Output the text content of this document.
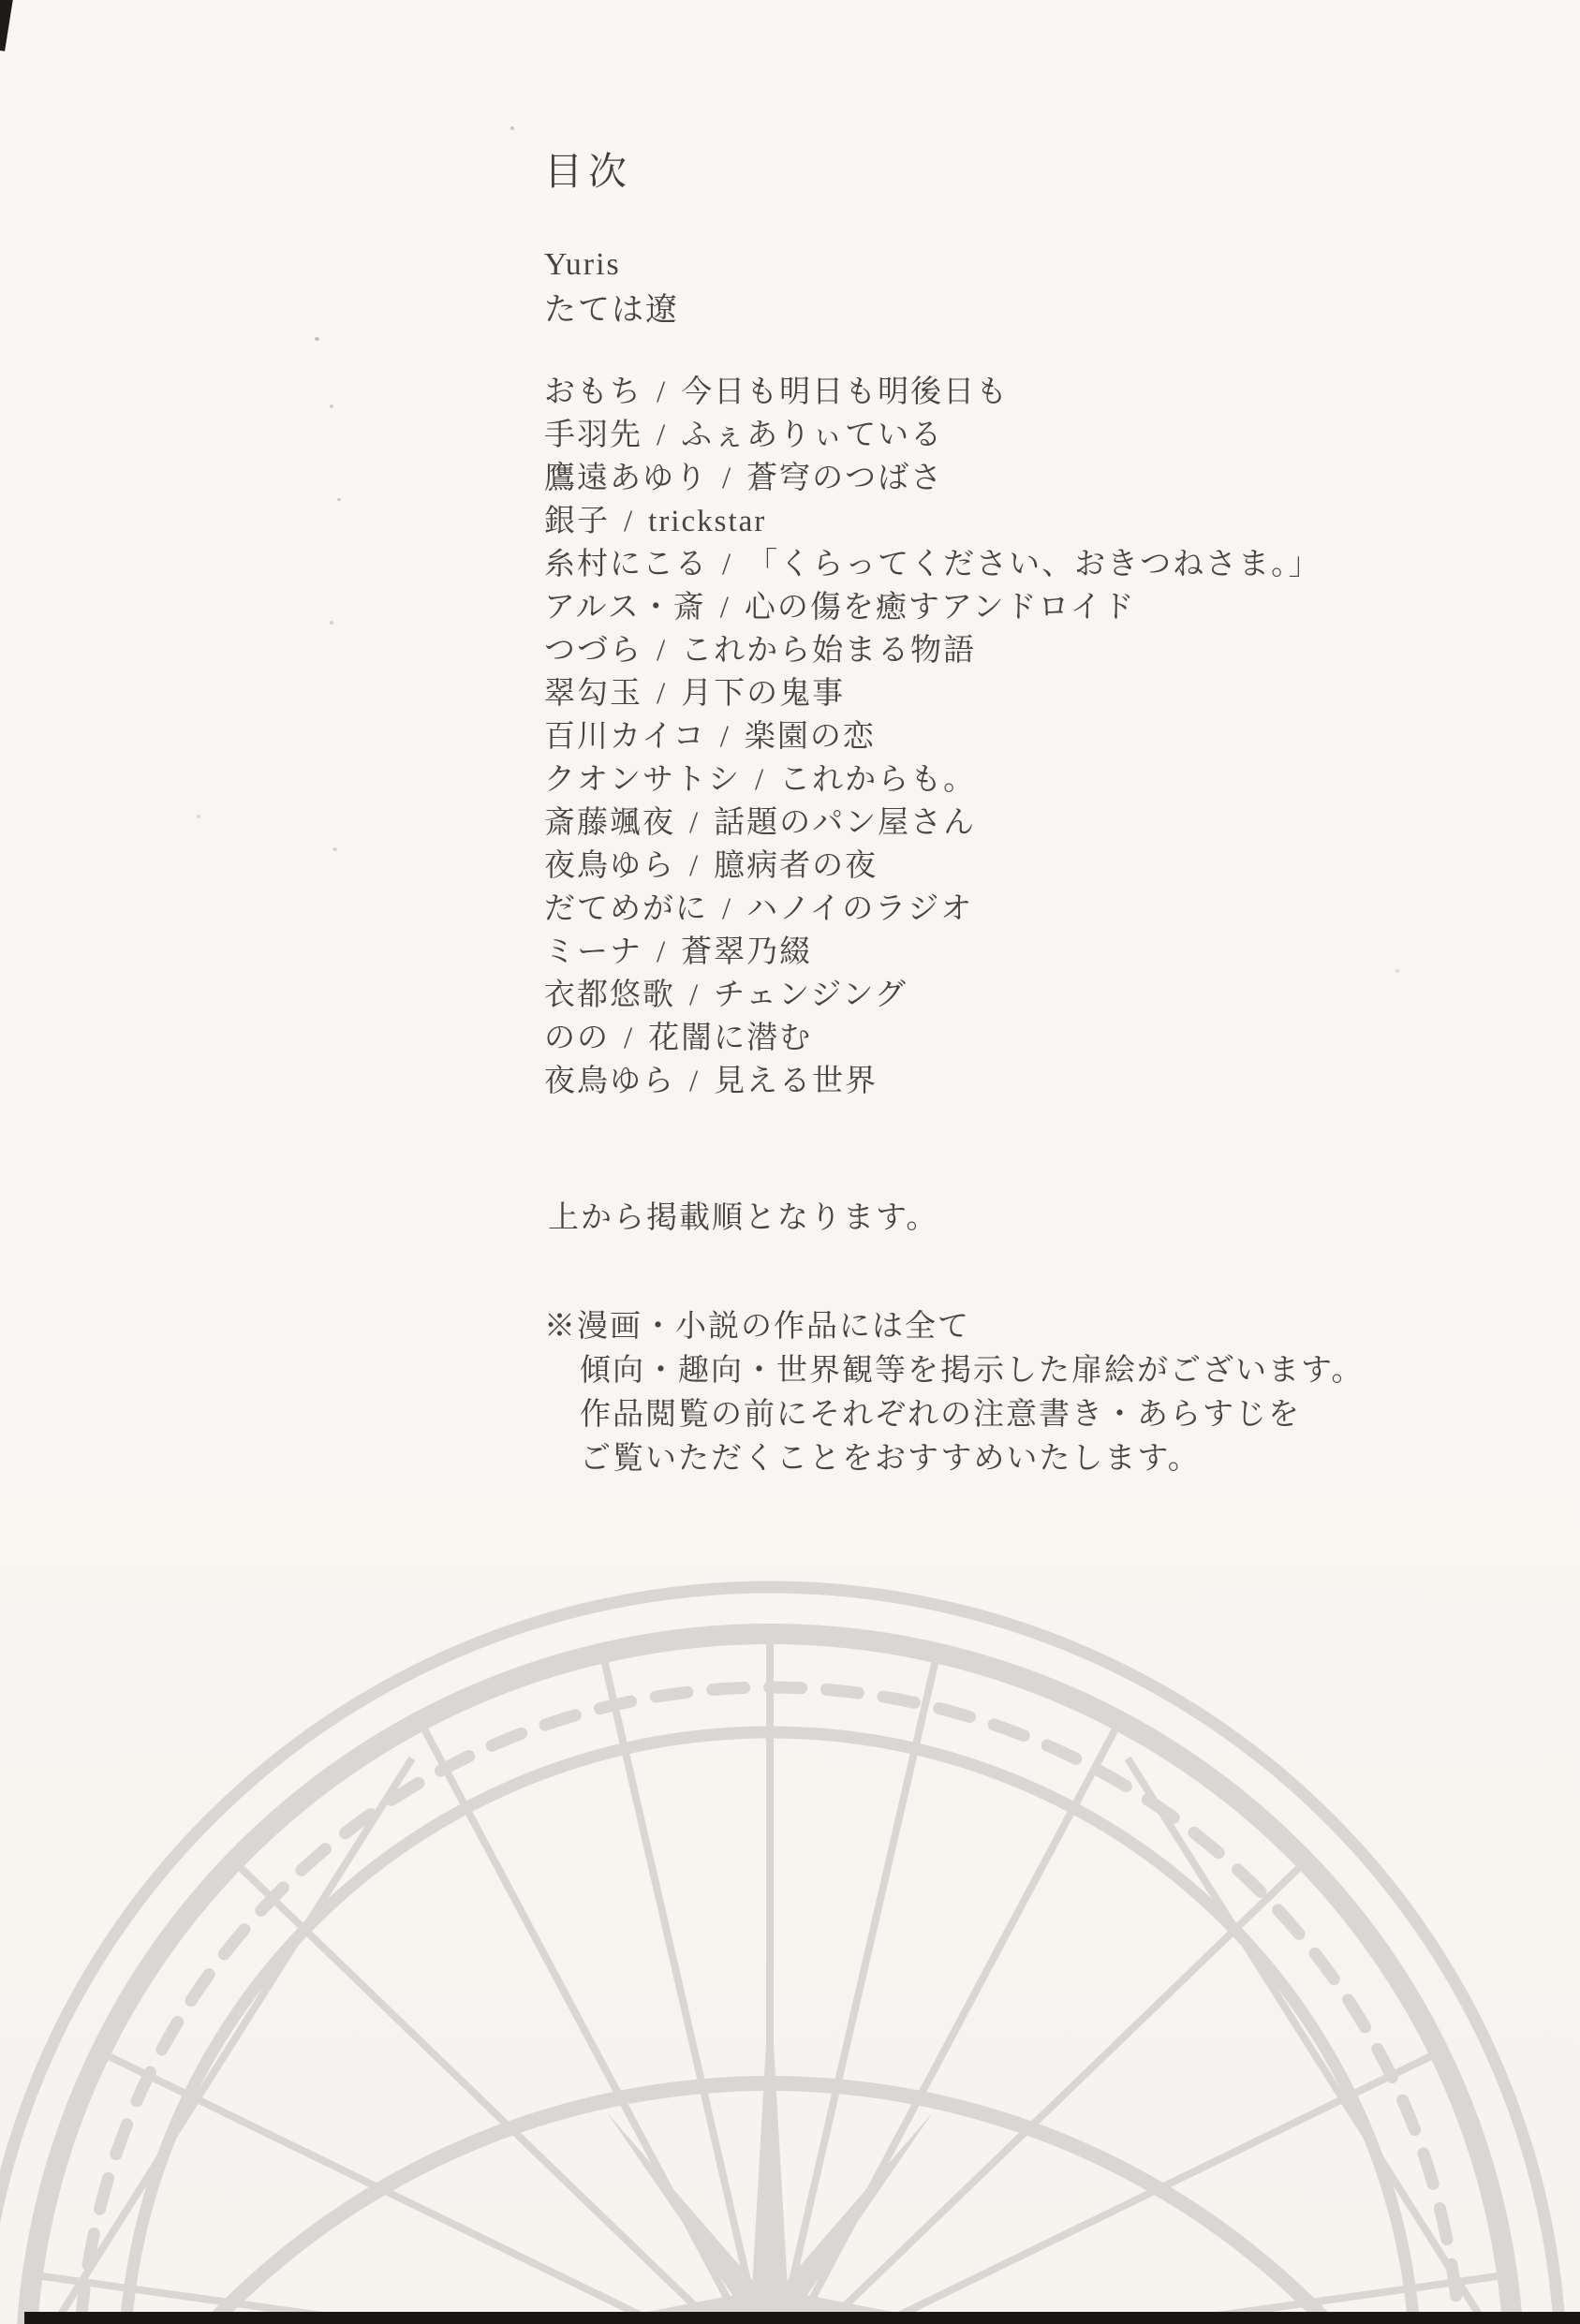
目次
Yuris
たては遼
おもち / 今日も明日も明後日も
手羽先 / ふぇありぃている
鷹遠あゆり / 蒼穹のつばさ
銀子 / trickstar
糸村にこる / 「くらってください、おきつねさま。」
アルス・斎 / 心の傷を癒すアンドロイド
つづら / これから始まる物語
翠勾玉 / 月下の鬼事
百川カイコ / 楽園の恋
クオンサトシ / これからも。
斎藤颯夜 / 話題のパン屋さん
夜鳥ゆら / 臆病者の夜
だてめがに / ハノイのラジオ
ミーナ / 蒼翠乃綴
衣都悠歌 / チェンジング
のの / 花闇に潜む
夜鳥ゆら / 見える世界
上から掲載順となります。
※漫画・小説の作品には全て
傾向・趣向・世界観等を掲示した扉絵がございます。
作品閲覧の前にそれぞれの注意書き・あらすじを
ご覧いただくことをおすすめいたします。
